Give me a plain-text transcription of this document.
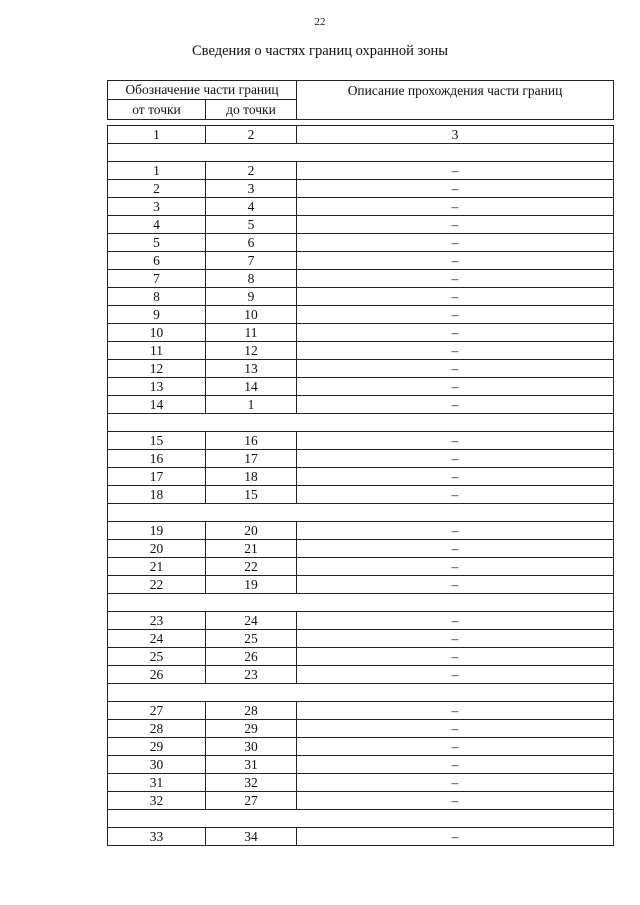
22
Сведения о частях границ охранной зоны
Обозначение части границ		Описание прохождения части границ
от точки	до точки	

1	2	3

1	2	–
2	3	–
3	4	–
4	5	–
5	6	–
6	7	–
7	8	–
8	9	–
9	10	–
10	11	–
11	12	–
12	13	–
13	14	–
14	1	–

15	16	–
16	17	–
17	18	–
18	15	–

19	20	–
20	21	–
21	22	–
22	19	–

23	24	–
24	25	–
25	26	–
26	23	–

27	28	–
28	29	–
29	30	–
30	31	–
31	32	–
32	27	–

33	34	–
